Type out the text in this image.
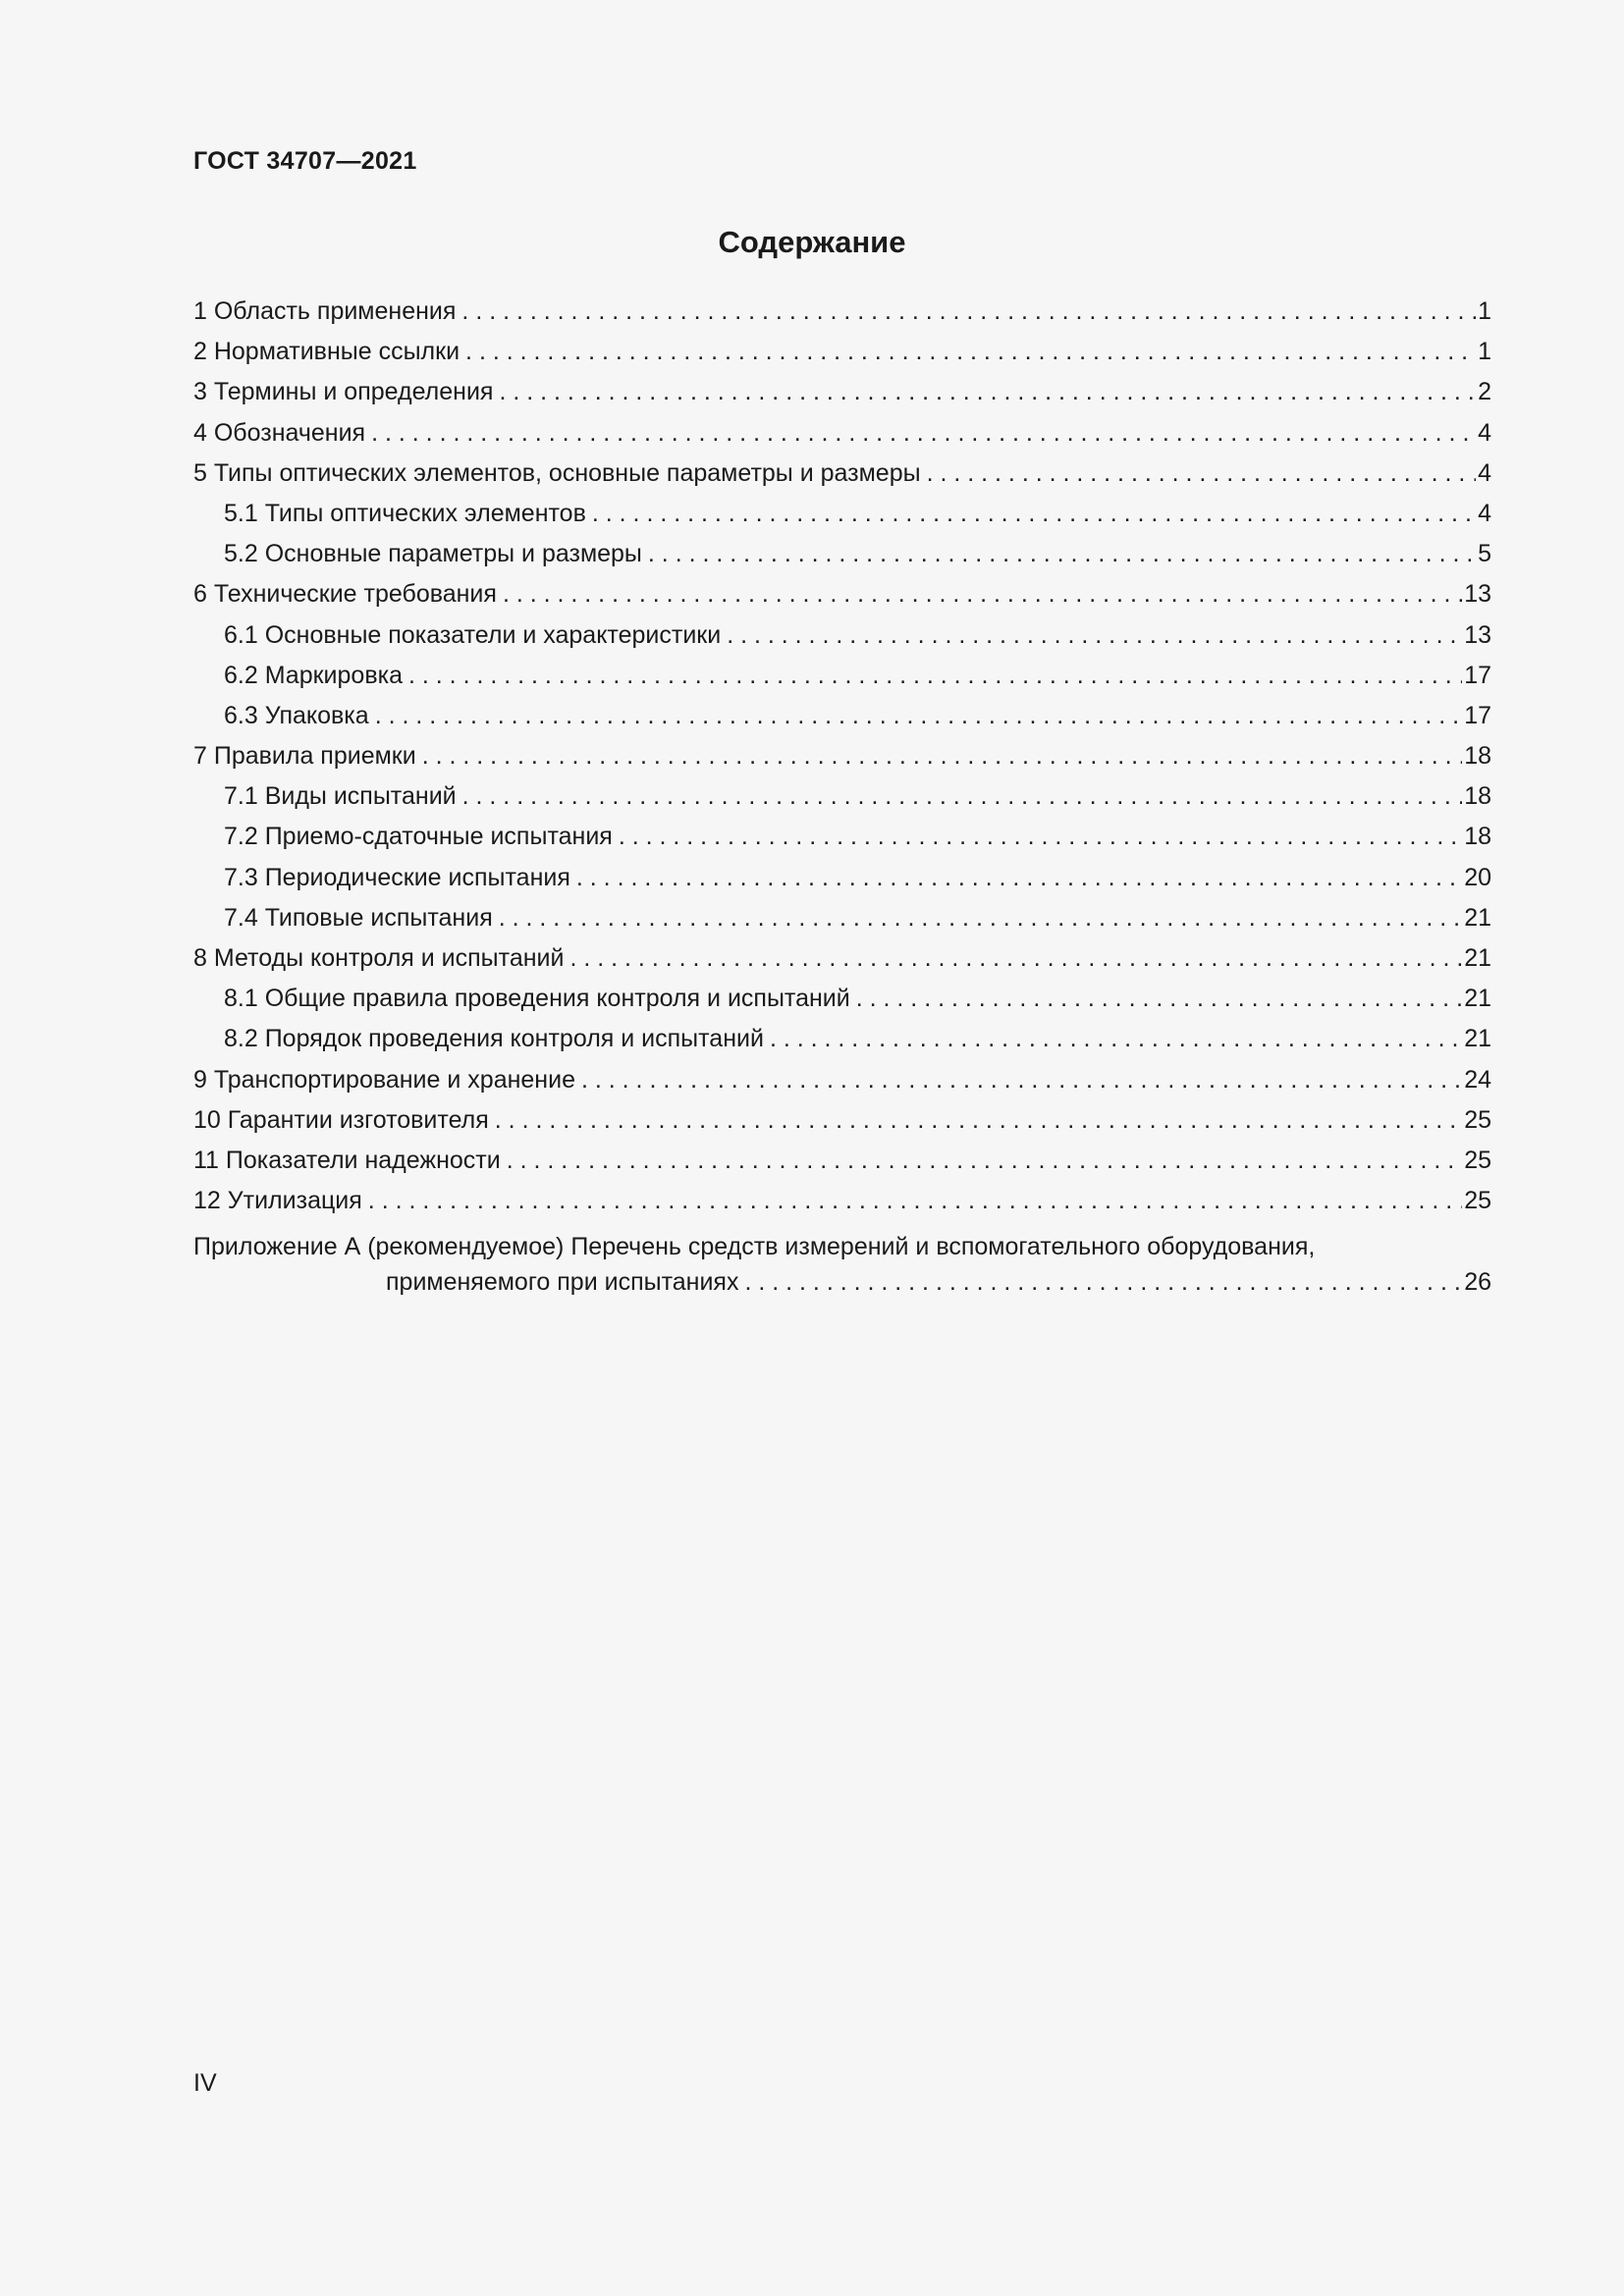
ГОСТ 34707—2021
Содержание
1 Область применения . . .	1
2 Нормативные ссылки . . .	1
3 Термины и определения . . .	2
4 Обозначения . . .	4
5 Типы оптических элементов, основные параметры и размеры . . .	4
5.1 Типы оптических элементов . . .	4
5.2 Основные параметры и размеры . . .	5
6 Технические требования . . .	13
6.1 Основные показатели и характеристики . . .	13
6.2 Маркировка . . .	17
6.3 Упаковка . . .	17
7 Правила приемки . . .	18
7.1 Виды испытаний . . .	18
7.2 Приемо-сдаточные испытания . . .	18
7.3 Периодические испытания . . .	20
7.4 Типовые испытания . . .	21
8 Методы контроля и испытаний . . .	21
8.1 Общие правила проведения контроля и испытаний . . .	21
8.2 Порядок проведения контроля и испытаний . . .	21
9 Транспортирование и хранение . . .	24
10 Гарантии изготовителя . . .	25
11 Показатели надежности . . .	25
12 Утилизация . . .	25
Приложение А (рекомендуемое) Перечень средств измерений и вспомогательного оборудования,
применяемого при испытаниях . . .	26
IV
